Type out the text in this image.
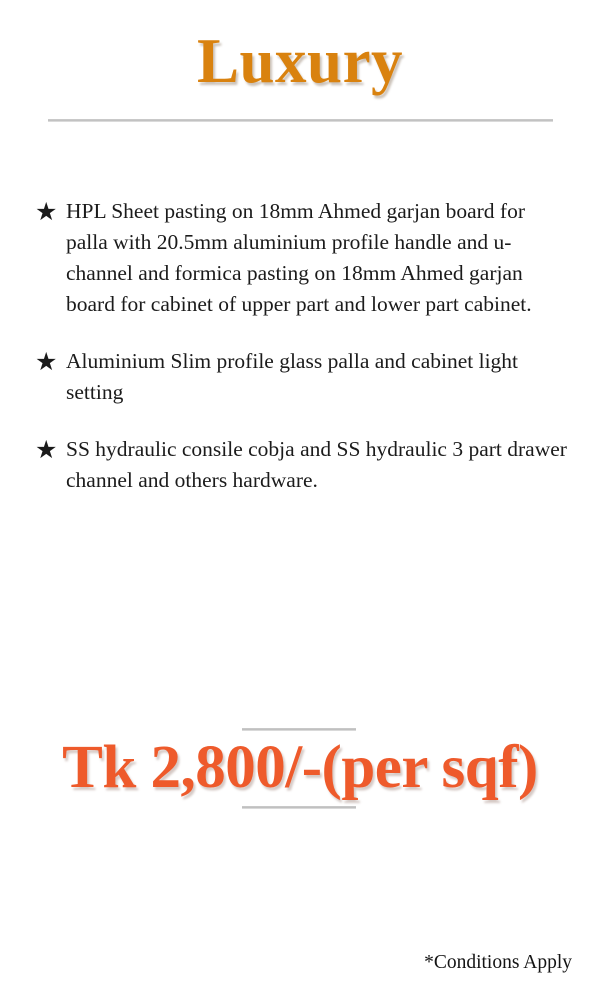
Luxury
★ HPL Sheet pasting on 18mm Ahmed garjan board for palla with 20.5mm aluminium profile handle and u-channel and formica pasting on 18mm Ahmed garjan board for cabinet of upper part and lower part cabinet.
★ Aluminium Slim profile glass palla and cabinet light setting
★ SS hydraulic consile cobja and SS hydraulic 3 part drawer channel and others hardware.
Tk 2,800/-(per sqf)
*Conditions Apply
